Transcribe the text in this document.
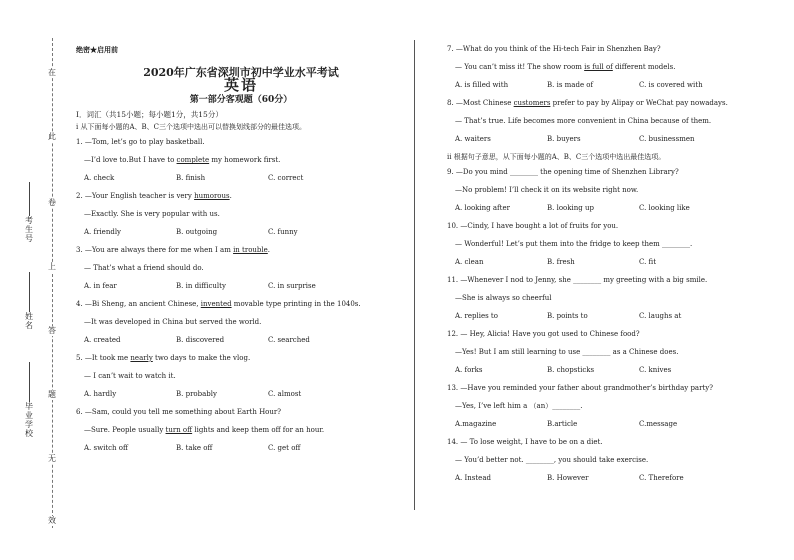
在
此
卷
上
答
题
无
效
考生号
姓名
毕业学校
绝密★启用前
2020年广东省深圳市初中学业水平考试
英语
第一部分客观题（60分）
I．词汇（共15小题；每小题1分，共15分）
i 从下面每小题的A、B、C三个选项中选出可以替换划线部分的最佳选项。
1. —Tom, let’s go to play basketball.
—I’d love to.But I have to complete my homework first.
A. check	B. finish	C. correct
2. —Your English teacher is very humorous.
—Exactly. She is very popular with us.
A. friendly	B. outgoing	C. funny
3. —You are always there for me when I am in trouble.
— That’s what a friend should do.
A. in fear	B. in difficulty	C. in surprise
4. —Bi Sheng, an ancient Chinese, invented movable type printing in the 1040s.
—It was developed in China but served the world.
A. created	B. discovered	C. searched
5. —It took me nearly two days to make the vlog.
— I can’t wait to watch it.
A. hardly	B. probably	C. almost
6. —Sam, could you tell me something about Earth Hour?
—Sure. People usually turn off lights and keep them off for an hour.
A. switch off	B. take off	C. get off
7. —What do you think of the Hi-tech Fair in Shenzhen Bay?
— You can’t miss it! The show room is full of different models.
A. is filled with	B. is made of	C. is covered with
8. —Most Chinese customers prefer to pay by Alipay or WeChat pay nowadays.
— That’s true. Life becomes more convenient in China because of them.
A. waiters	B. buyers	C. businessmen
ii 根据句子意思，从下面每小题的A、B、C三个选项中选出最佳选项。
9. —Do you mind ________ the opening time of Shenzhen Library?
—No problem! I’ll check it on its website right now.
A. looking after	B. looking up	C. looking like
10. —Cindy, I have bought a lot of fruits for you.
— Wonderful! Let’s put them into the fridge to keep them ________.
A. clean	B. fresh	C. fit
11. —Whenever I nod to Jenny, she ________ my greeting with a big smile.
—She is always so cheerful
A. replies to	B. points to	C. laughs at
12. — Hey, Alicia! Have you got used to Chinese food?
—Yes! But I am still learning to use ________ as a Chinese does.
A. forks	B. chopsticks	C. knives
13. —Have you reminded your father about grandmother’s birthday party?
—Yes, I’ve left him a （an）________.
A.magazine	B.article	C.message
14. — To lose weight, I have to be on a diet.
— You’d better not. ________, you should take exercise.
A. Instead	B. However	C. Therefore
